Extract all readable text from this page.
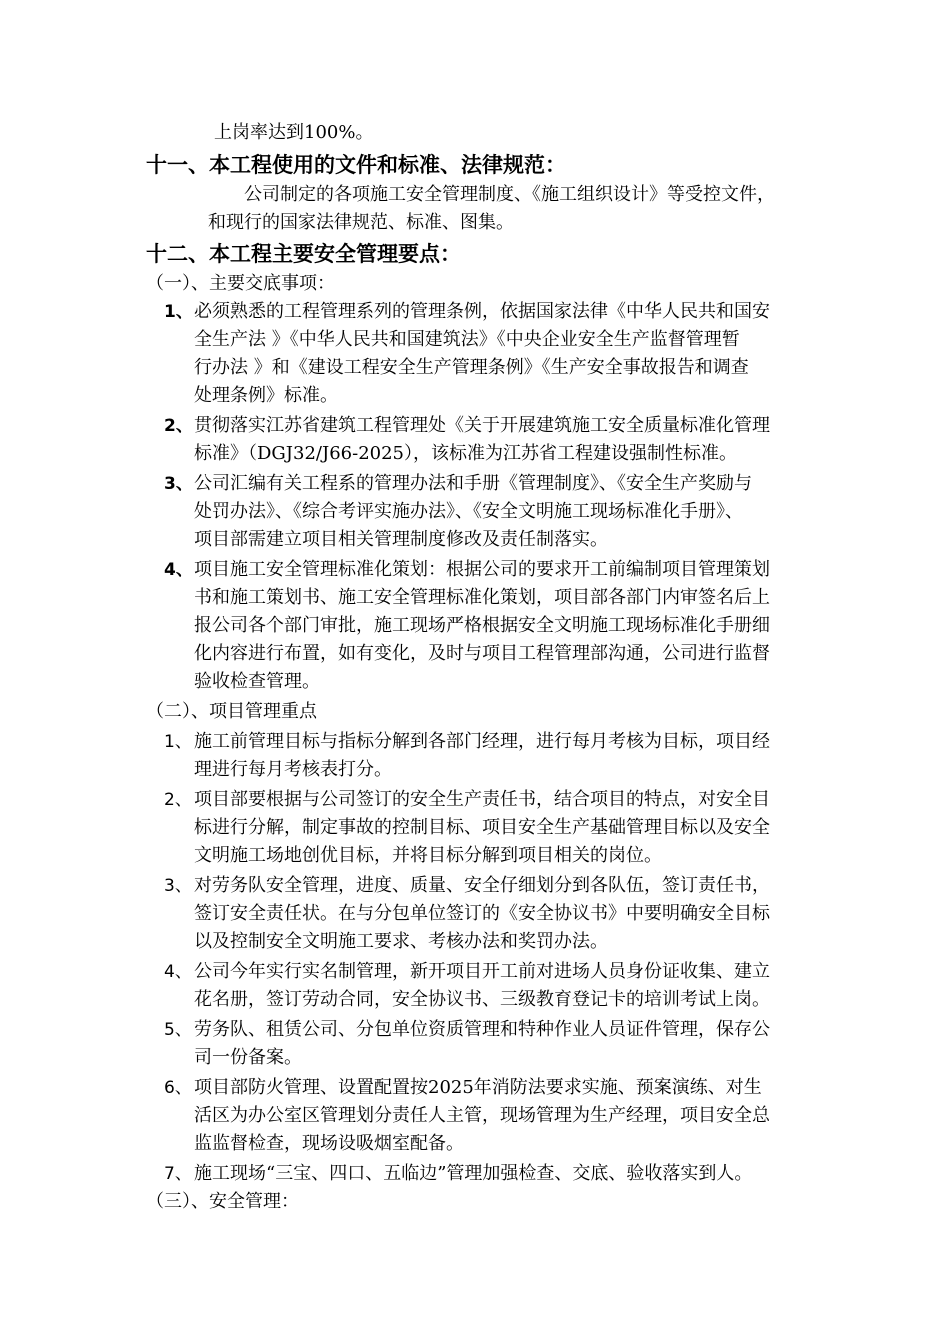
上岗率达到100%。
十一、本工程使用的文件和标准、法律规范：
公司制定的各项施工安全管理制度、《施工组织设计》等受控文件，
和现行的国家法律规范、标准、图集。
十二、本工程主要安全管理要点：
（一）、主要交底事项：
1、 必须熟悉的工程管理系列的管理条例，依据国家法律《中华人民共和国安
全生产法 》《中华人民共和国建筑法》《中央企业安全生产监督管理暂
行办法 》和《建设工程安全生产管理条例》《生产安全事故报告和调查
处理条例》标准。
2、 贯彻落实江苏省建筑工程管理处《关于开展建筑施工安全质量标准化管理
标准》（DGJ32/J66-2025），该标准为江苏省工程建设强制性标准。
3、 公司汇编有关工程系的管理办法和手册《管理制度》、《安全生产奖励与
处罚办法》、《综合考评实施办法》、《安全文明施工现场标准化手册》、
项目部需建立项目相关管理制度修改及责任制落实。
4、 项目施工安全管理标准化策划：根据公司的要求开工前编制项目管理策划
书和施工策划书、施工安全管理标准化策划，项目部各部门内审签名后上
报公司各个部门审批，施工现场严格根据安全文明施工现场标准化手册细
化内容进行布置，如有变化，及时与项目工程管理部沟通，公司进行监督
验收检查管理。
（二）、项目管理重点
1、 施工前管理目标与指标分解到各部门经理，进行每月考核为目标，项目经
理进行每月考核表打分。
2、 项目部要根据与公司签订的安全生产责任书，结合项目的特点，对安全目
标进行分解，制定事故的控制目标、项目安全生产基础管理目标以及安全
文明施工场地创优目标，并将目标分解到项目相关的岗位。
3、 对劳务队安全管理，进度、质量、安全仔细划分到各队伍，签订责任书，
签订安全责任状。在与分包单位签订的《安全协议书》中要明确安全目标
以及控制安全文明施工要求、考核办法和奖罚办法。
4、 公司今年实行实名制管理，新开项目开工前对进场人员身份证收集、建立
花名册，签订劳动合同，安全协议书、三级教育登记卡的培训考试上岗。
5、 劳务队、租赁公司、分包单位资质管理和特种作业人员证件管理，保存公
司一份备案。
6、 项目部防火管理、设置配置按2025年消防法要求实施、预案演练、对生
活区为办公室区管理划分责任人主管，现场管理为生产经理，项目安全总
监监督检查，现场设吸烟室配备。
7、 施工现场“三宝、四口、五临边”管理加强检查、交底、验收落实到人。
（三）、安全管理：
